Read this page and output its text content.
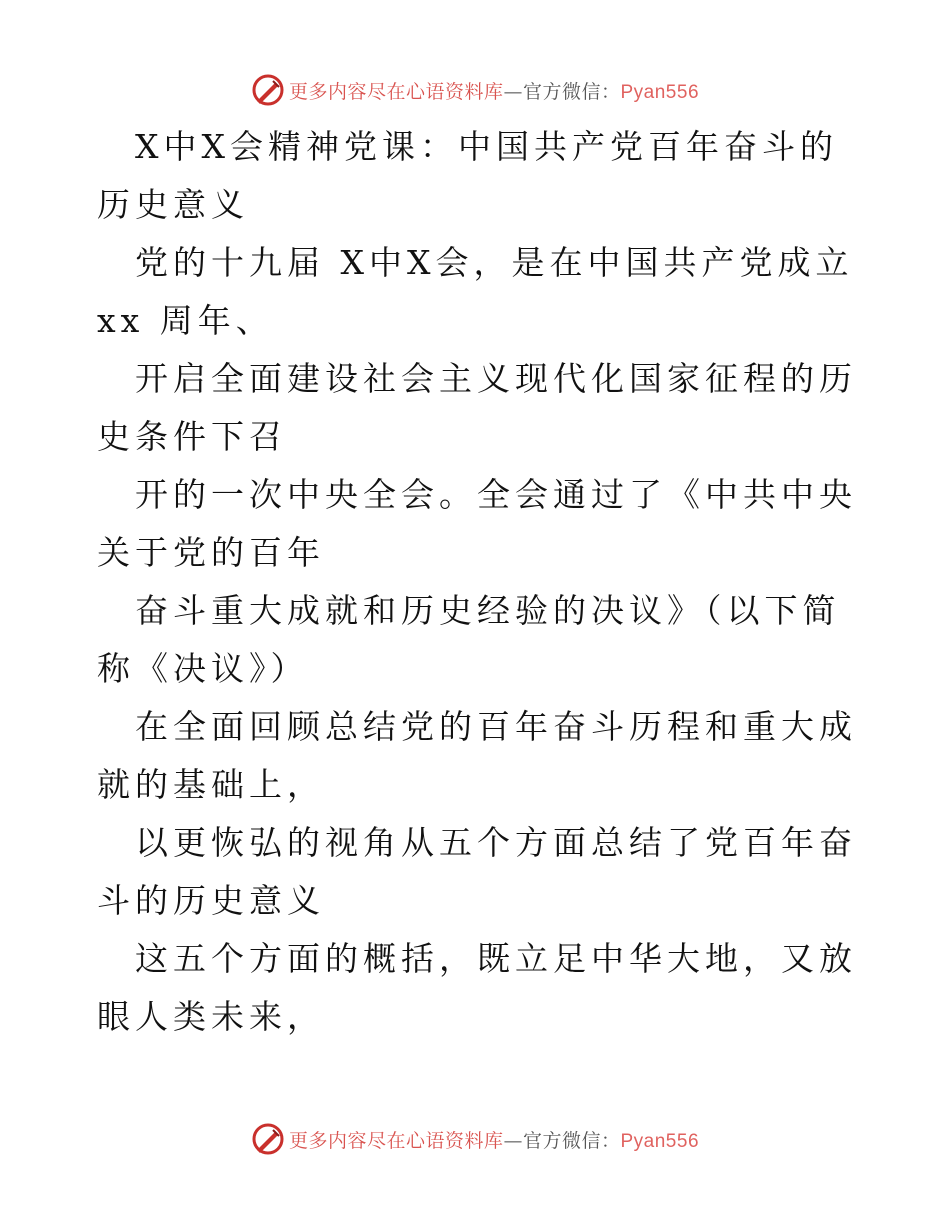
更多内容尽在心语资料库—官方微信：Pyan556

X中X会精神党课：中国共产党百年奋斗的历史意义

党的十九届 X中X会，是在中国共产党成立 xx 周年、

开启全面建设社会主义现代化国家征程的历史条件下召

开的一次中央全会。全会通过了《中共中央关于党的百年

奋斗重大成就和历史经验的决议》（以下简称《决议》）

在全面回顾总结党的百年奋斗历程和重大成就的基础上，

以更恢弘的视角从五个方面总结了党百年奋斗的历史意义

这五个方面的概括，既立足中华大地，又放眼人类未来，

更多内容尽在心语资料库—官方微信：Pyan556
